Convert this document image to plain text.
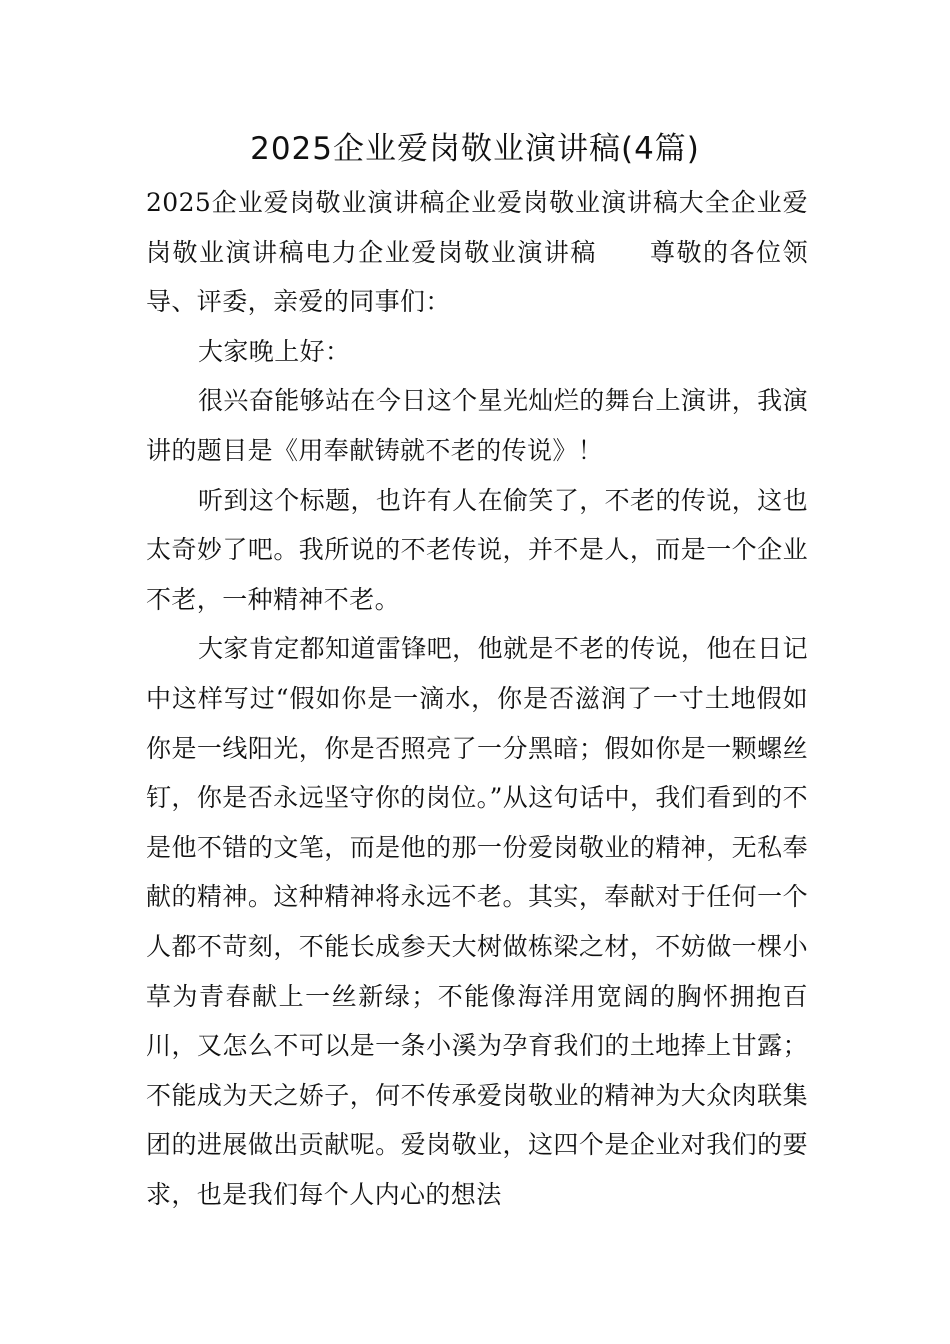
2025企业爱岗敬业演讲稿(4篇)

2025企业爱岗敬业演讲稿企业爱岗敬业演讲稿大全企业爱岗敬业演讲稿电力企业爱岗敬业演讲稿　　尊敬的各位领导、评委，亲爱的同事们：

大家晚上好：

很兴奋能够站在今日这个星光灿烂的舞台上演讲，我演讲的题目是《用奉献铸就不老的传说》！

听到这个标题，也许有人在偷笑了，不老的传说，这也太奇妙了吧。我所说的不老传说，并不是人，而是一个企业不老，一种精神不老。

大家肯定都知道雷锋吧，他就是不老的传说，他在日记中这样写过“假如你是一滴水，你是否滋润了一寸土地假如你是一线阳光，你是否照亮了一分黑暗；假如你是一颗螺丝钉，你是否永远坚守你的岗位。”从这句话中，我们看到的不是他不错的文笔，而是他的那一份爱岗敬业的精神，无私奉献的精神。这种精神将永远不老。其实，奉献对于任何一个人都不苛刻，不能长成参天大树做栋梁之材，不妨做一棵小草为青春献上一丝新绿；不能像海洋用宽阔的胸怀拥抱百川，又怎么不可以是一条小溪为孕育我们的土地捧上甘露；不能成为天之娇子，何不传承爱岗敬业的精神为大众肉联集团的进展做出贡献呢。爱岗敬业，这四个是企业对我们的要求，也是我们每个人内心的想法
